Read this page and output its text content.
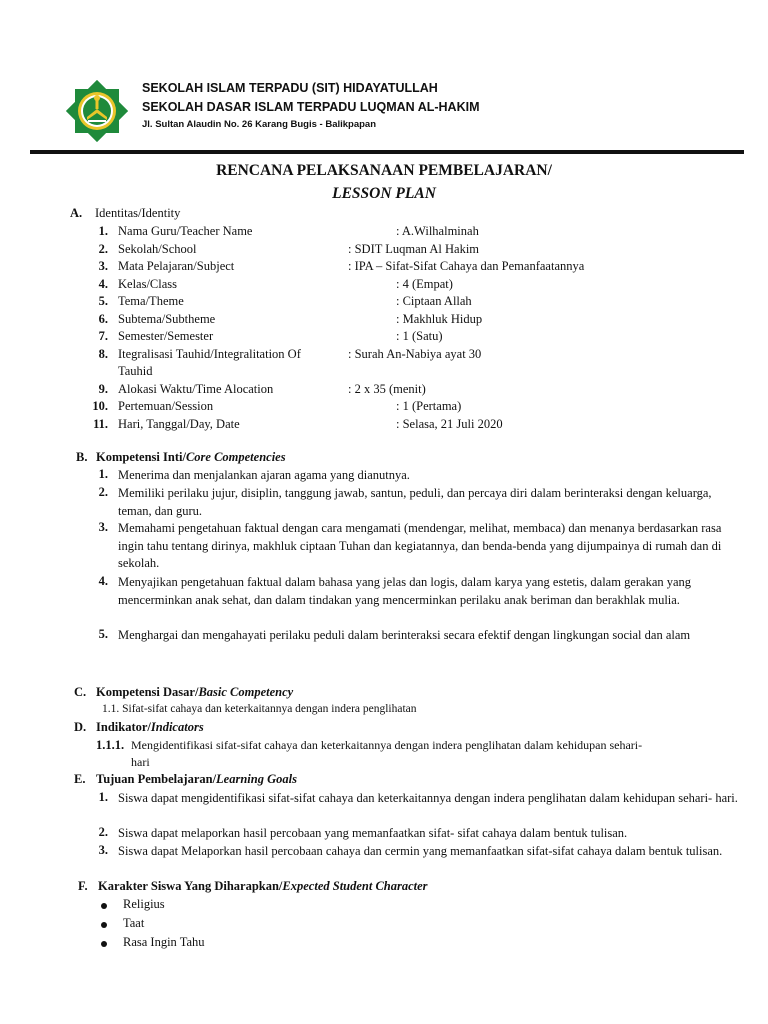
SEKOLAH ISLAM TERPADU (SIT) HIDAYATULLAH
SEKOLAH DASAR ISLAM TERPADU LUQMAN AL-HAKIM
Jl. Sultan Alaudin No. 26 Karang Bugis - Balikpapan
RENCANA PELAKSANAAN PEMBELAJARAN/
LESSON PLAN
A. Identitas/Identity
1. Nama Guru/Teacher Name	: A.Wilhalminah
2. Sekolah/School	: SDIT Luqman Al Hakim
3. Mata Pelajaran/Subject	: IPA – Sifat-Sifat Cahaya dan Pemanfaatannya
4. Kelas/Class	: 4 (Empat)
5. Tema/Theme	: Ciptaan Allah
6. Subtema/Subtheme	: Makhluk Hidup
7. Semester/Semester	: 1 (Satu)
8. Itegralisasi Tauhid/Integralitation Of
Tauhid
: Surah An-Nabiya ayat 30
9. Alokasi Waktu/Time Alocation	: 2 x 35 (menit)
10. Pertemuan/Session	: 1 (Pertama)
11. Hari, Tanggal/Day, Date	: Selasa, 21 Juli 2020
B. Kompetensi Inti/Core Competencies
1. Menerima dan menjalankan ajaran agama yang dianutnya.
2. Memiliki perilaku jujur, disiplin, tanggung jawab, santun, peduli, dan percaya diri dalam berinteraksi dengan keluarga, teman, dan guru.
3. Memahami pengetahuan faktual dengan cara mengamati (mendengar, melihat, membaca) dan menanya berdasarkan rasa ingin tahu tentang dirinya, makhluk ciptaan Tuhan dan kegiatannya, dan benda-benda yang dijumpainya di rumah dan di sekolah.
4. Menyajikan pengetahuan faktual dalam bahasa yang jelas dan logis, dalam karya yang estetis, dalam gerakan yang mencerminkan anak sehat, dan dalam tindakan yang mencerminkan perilaku anak beriman dan berakhlak mulia.
5. Menghargai dan mengahayati perilaku peduli dalam berinteraksi secara efektif dengan lingkungan social dan alam
C. Kompetensi Dasar/Basic Competency
1.1. Sifat-sifat cahaya dan keterkaitannya dengan indera penglihatan
D. Indikator/Indicators
1.1.1. Mengidentifikasi sifat-sifat cahaya dan keterkaitannya dengan indera penglihatan dalam kehidupan sehari-
hari
E. Tujuan Pembelajaran/Learning Goals
1. Siswa dapat mengidentifikasi sifat-sifat cahaya dan keterkaitannya dengan indera penglihatan dalam kehidupan sehari- hari.
2. Siswa dapat melaporkan hasil percobaan yang memanfaatkan sifat- sifat cahaya dalam bentuk tulisan.
3. Siswa dapat Melaporkan hasil percobaan cahaya dan cermin yang memanfaatkan sifat-sifat cahaya dalam bentuk tulisan.
F. Karakter Siswa Yang Diharapkan/Expected Student Character
Religius
Taat
Rasa Ingin Tahu
